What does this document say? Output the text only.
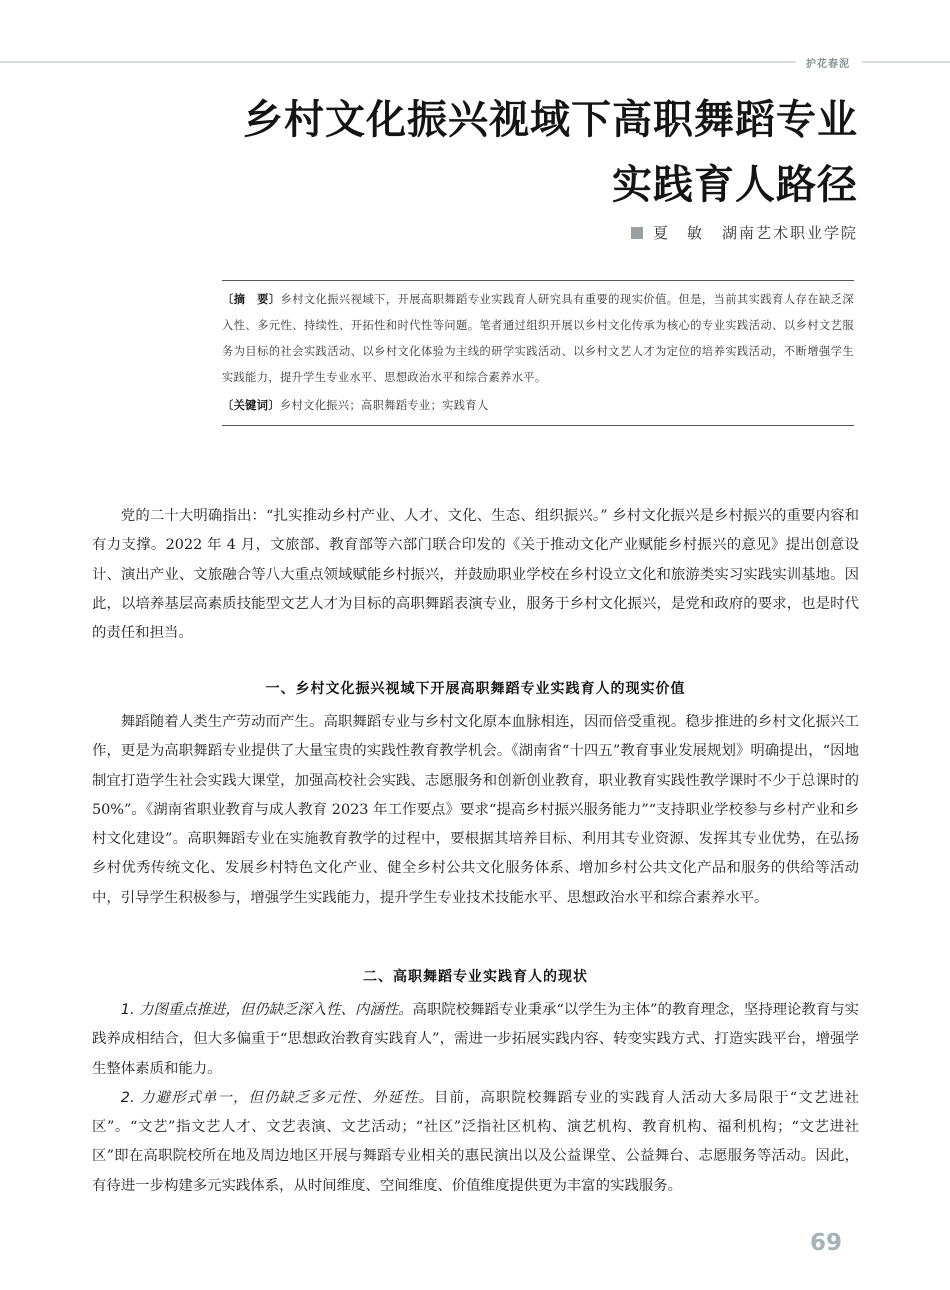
护花春泥
乡村文化振兴视域下高职舞蹈专业
实践育人路径
夏　敏 湖南艺术职业学院
〔摘　要〕乡村文化振兴视域下，开展高职舞蹈专业实践育人研究具有重要的现实价值。但是，当前其实践育人存在缺乏深入性、多元性、持续性、开拓性和时代性等问题。笔者通过组织开展以乡村文化传承为核心的专业实践活动、以乡村文艺服务为目标的社会实践活动、以乡村文化体验为主线的研学实践活动、以乡村文艺人才为定位的培养实践活动，不断增强学生实践能力，提升学生专业水平、思想政治水平和综合素养水平。
〔关键词〕乡村文化振兴；高职舞蹈专业；实践育人

党的二十大明确指出：“扎实推动乡村产业、人才、文化、生态、组织振兴。” 乡村文化振兴是乡村振兴的重要内容和有力支撑。2022 年 4 月，文旅部、教育部等六部门联合印发的《关于推动文化产业赋能乡村振兴的意见》提出创意设计、演出产业、文旅融合等八大重点领域赋能乡村振兴，并鼓励职业学校在乡村设立文化和旅游类实习实践实训基地。因此，以培养基层高素质技能型文艺人才为目标的高职舞蹈表演专业，服务于乡村文化振兴，是党和政府的要求，也是时代的责任和担当。

一、乡村文化振兴视域下开展高职舞蹈专业实践育人的现实价值

舞蹈随着人类生产劳动而产生。高职舞蹈专业与乡村文化原本血脉相连，因而倍受重视。稳步推进的乡村文化振兴工作，更是为高职舞蹈专业提供了大量宝贵的实践性教育教学机会。《湖南省“十四五”教育事业发展规划》明确提出，“因地制宜打造学生社会实践大课堂，加强高校社会实践、志愿服务和创新创业教育，职业教育实践性教学课时不少于总课时的 50%”。《湖南省职业教育与成人教育 2023 年工作要点》要求“提高乡村振兴服务能力”“支持职业学校参与乡村产业和乡村文化建设”。高职舞蹈专业在实施教育教学的过程中，要根据其培养目标、利用其专业资源、发挥其专业优势，在弘扬乡村优秀传统文化、发展乡村特色文化产业、健全乡村公共文化服务体系、增加乡村公共文化产品和服务的供给等活动中，引导学生积极参与，增强学生实践能力，提升学生专业技术技能水平、思想政治水平和综合素养水平。

二、高职舞蹈专业实践育人的现状

1. 力图重点推进，但仍缺乏深入性、内涵性。高职院校舞蹈专业秉承“以学生为主体”的教育理念，坚持理论教育与实践养成相结合，但大多偏重于“思想政治教育实践育人”，需进一步拓展实践内容、转变实践方式、打造实践平台，增强学生整体素质和能力。

2. 力避形式单一，但仍缺乏多元性、外延性。目前，高职院校舞蹈专业的实践育人活动大多局限于“文艺进社区”。“文艺”指文艺人才、文艺表演、文艺活动；“社区”泛指社区机构、演艺机构、教育机构、福利机构；“文艺进社区”即在高职院校所在地及周边地区开展与舞蹈专业相关的惠民演出以及公益课堂、公益舞台、志愿服务等活动。因此，有待进一步构建多元实践体系，从时间维度、空间维度、价值维度提供更为丰富的实践服务。

69
